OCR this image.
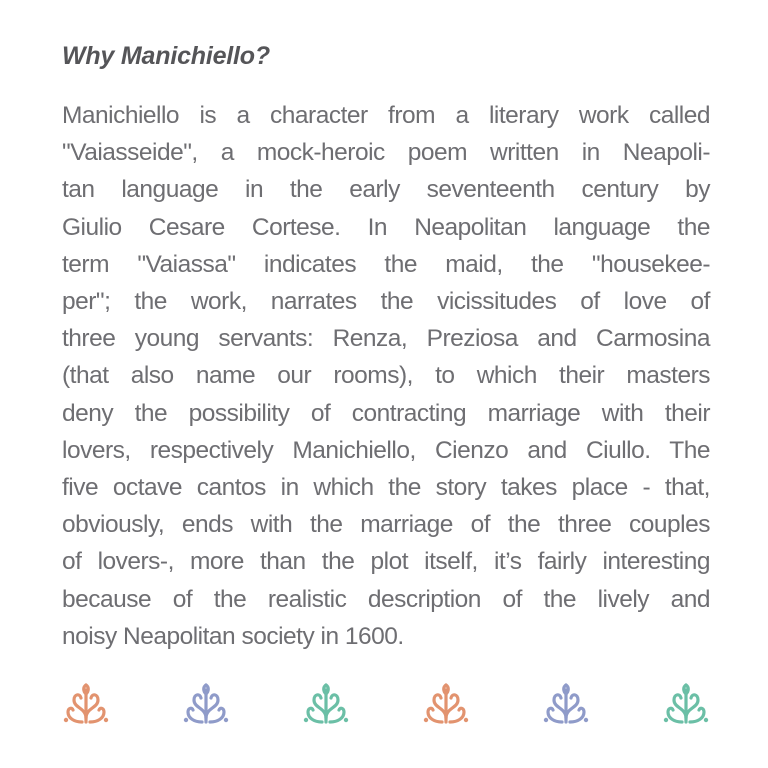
Why Manichiello?
Manichiello is a character from a literary work called
"Vaiasseide", a mock-heroic poem written in Neapoli-
tan language in the early seventeenth century by
Giulio Cesare Cortese. In Neapolitan language the
term "Vaiassa" indicates the maid, the "housekee-
per"; the work, narrates the vicissitudes of love of
three young servants: Renza, Preziosa and Carmosina
(that also name our rooms), to which their masters
deny the possibility of contracting marriage with their
lovers, respectively Manichiello, Cienzo and Ciullo. The
five octave cantos in which the story takes place - that,
obviously, ends with the marriage of the three couples
of lovers-, more than the plot itself, it’s fairly interesting
because of the realistic description of the lively and
noisy Neapolitan society in 1600.
